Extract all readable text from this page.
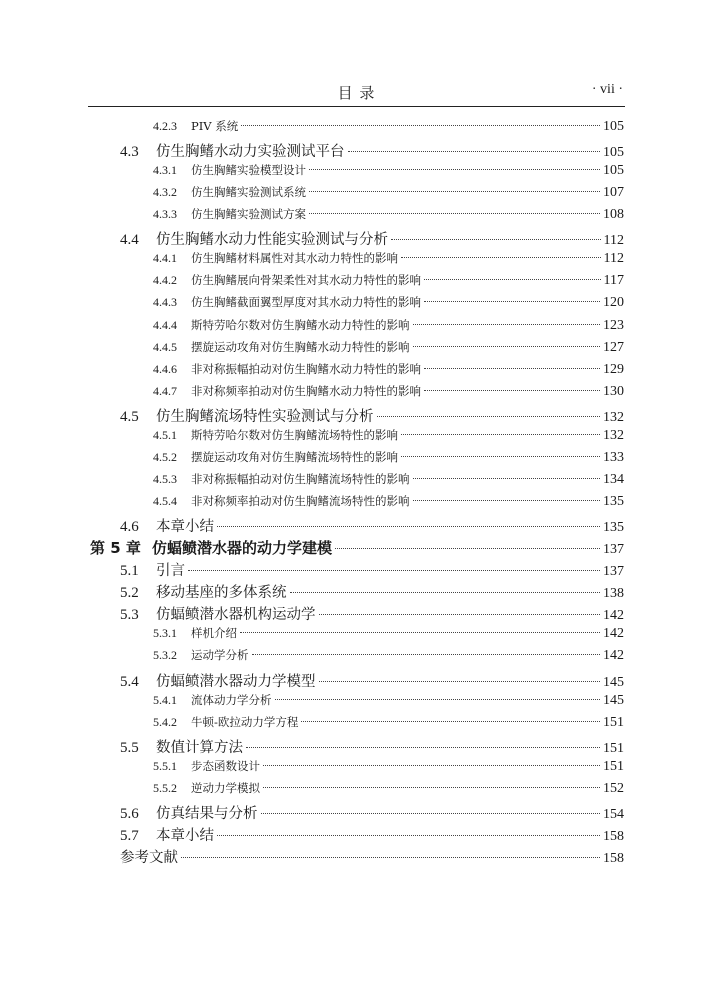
目 录	· vii ·
4.2.3	PIV 系统	105
4.3	仿生胸鳍水动力实验测试平台	105
4.3.1	仿生胸鳍实验模型设计	105
4.3.2	仿生胸鳍实验测试系统	107
4.3.3	仿生胸鳍实验测试方案	108
4.4	仿生胸鳍水动力性能实验测试与分析	112
4.4.1	仿生胸鳍材料属性对其水动力特性的影响	112
4.4.2	仿生胸鳍展向骨架柔性对其水动力特性的影响	117
4.4.3	仿生胸鳍截面翼型厚度对其水动力特性的影响	120
4.4.4	斯特劳哈尔数对仿生胸鳍水动力特性的影响	123
4.4.5	摆旋运动攻角对仿生胸鳍水动力特性的影响	127
4.4.6	非对称振幅拍动对仿生胸鳍水动力特性的影响	129
4.4.7	非对称频率拍动对仿生胸鳍水动力特性的影响	130
4.5	仿生胸鳍流场特性实验测试与分析	132
4.5.1	斯特劳哈尔数对仿生胸鳍流场特性的影响	132
4.5.2	摆旋运动攻角对仿生胸鳍流场特性的影响	133
4.5.3	非对称振幅拍动对仿生胸鳍流场特性的影响	134
4.5.4	非对称频率拍动对仿生胸鳍流场特性的影响	135
4.6	本章小结	135
第 5 章 仿蝠鲼潜水器的动力学建模	137
5.1	引言	137
5.2	移动基座的多体系统	138
5.3	仿蝠鲼潜水器机构运动学	142
5.3.1	样机介绍	142
5.3.2	运动学分析	142
5.4	仿蝠鲼潜水器动力学模型	145
5.4.1	流体动力学分析	145
5.4.2	牛顿-欧拉动力学方程	151
5.5	数值计算方法	151
5.5.1	步态函数设计	151
5.5.2	逆动力学模拟	152
5.6	仿真结果与分析	154
5.7	本章小结	158
参考文献	158
